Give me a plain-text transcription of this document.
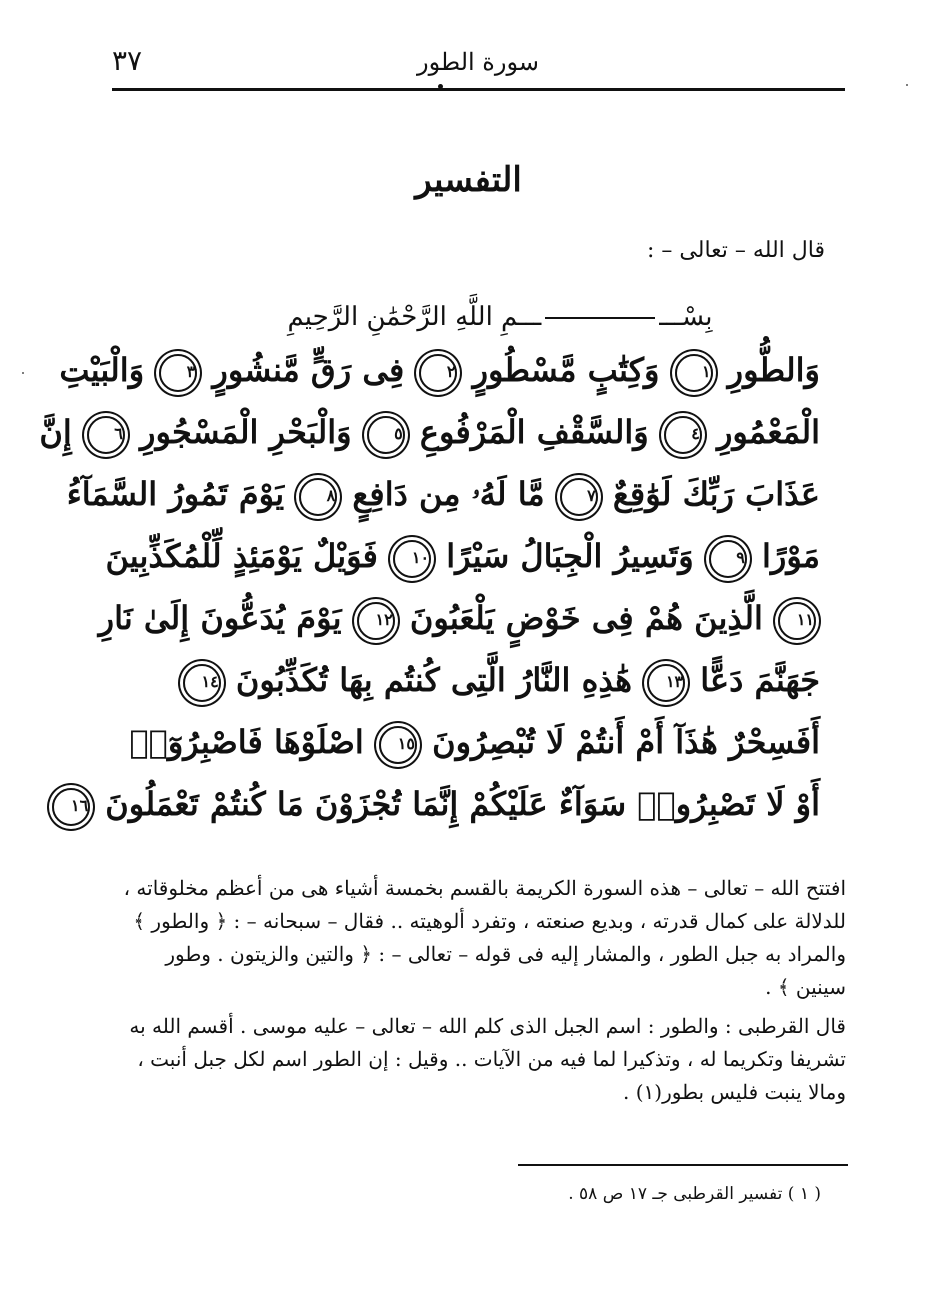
٣٧	سورة الطور
التفسير
قال الله – تعالى – :
بِسْــــــمِ اللَّهِ الرَّحْمَٰنِ الرَّحِيمِ
وَالطُّورِ ١ وَكِتَٰبٍ مَّسْطُورٍ ٢ فِى رَقٍّ مَّنشُورٍ ٣ وَالْبَيْتِ
الْمَعْمُورِ ٤ وَالسَّقْفِ الْمَرْفُوعِ ٥ وَالْبَحْرِ الْمَسْجُورِ ٦ إِنَّ
عَذَابَ رَبِّكَ لَوَٰقِعٌ ٧ مَّا لَهُۥ مِن دَافِعٍ ٨ يَوْمَ تَمُورُ السَّمَآءُ
مَوْرًا ٩ وَتَسِيرُ الْجِبَالُ سَيْرًا ١٠ فَوَيْلٌ يَوْمَئِذٍ لِّلْمُكَذِّبِينَ
١١ الَّذِينَ هُمْ فِى خَوْضٍ يَلْعَبُونَ ١٢ يَوْمَ يُدَعُّونَ إِلَىٰ نَارِ
جَهَنَّمَ دَعًّا ١٣ هَٰذِهِ النَّارُ الَّتِى كُنتُم بِهَا تُكَذِّبُونَ ١٤
أَفَسِحْرٌ هَٰذَآ أَمْ أَنتُمْ لَا تُبْصِرُونَ ١٥ اصْلَوْهَا فَاصْبِرُوٓا۟
أَوْ لَا تَصْبِرُوا۟ سَوَآءٌ عَلَيْكُمْ إِنَّمَا تُجْزَوْنَ مَا كُنتُمْ تَعْمَلُونَ ١٦

افتتح الله – تعالى – هذه السورة الكريمة بالقسم بخمسة أشياء هى من أعظم مخلوقاته ،

للدلالة على كمال قدرته ، وبديع صنعته ، وتفرد ألوهيته .. فقال – سبحانه – : ﴿ والطور ﴾

والمراد به جبل الطور ، والمشار إليه فى قوله – تعالى – : ﴿ والتين والزيتون . وطور

سينين ﴾ .

قال القرطبى : والطور : اسم الجبل الذى كلم الله – تعالى – عليه موسى . أقسم الله به

تشريفا وتكريما له ، وتذكيرا لما فيه من الآيات .. وقيل : إن الطور اسم لكل جبل أنبت ،

ومالا ينبت فليس بطور(١) .

( ١ ) تفسير القرطبى جـ ١٧ ص ٥٨ .
